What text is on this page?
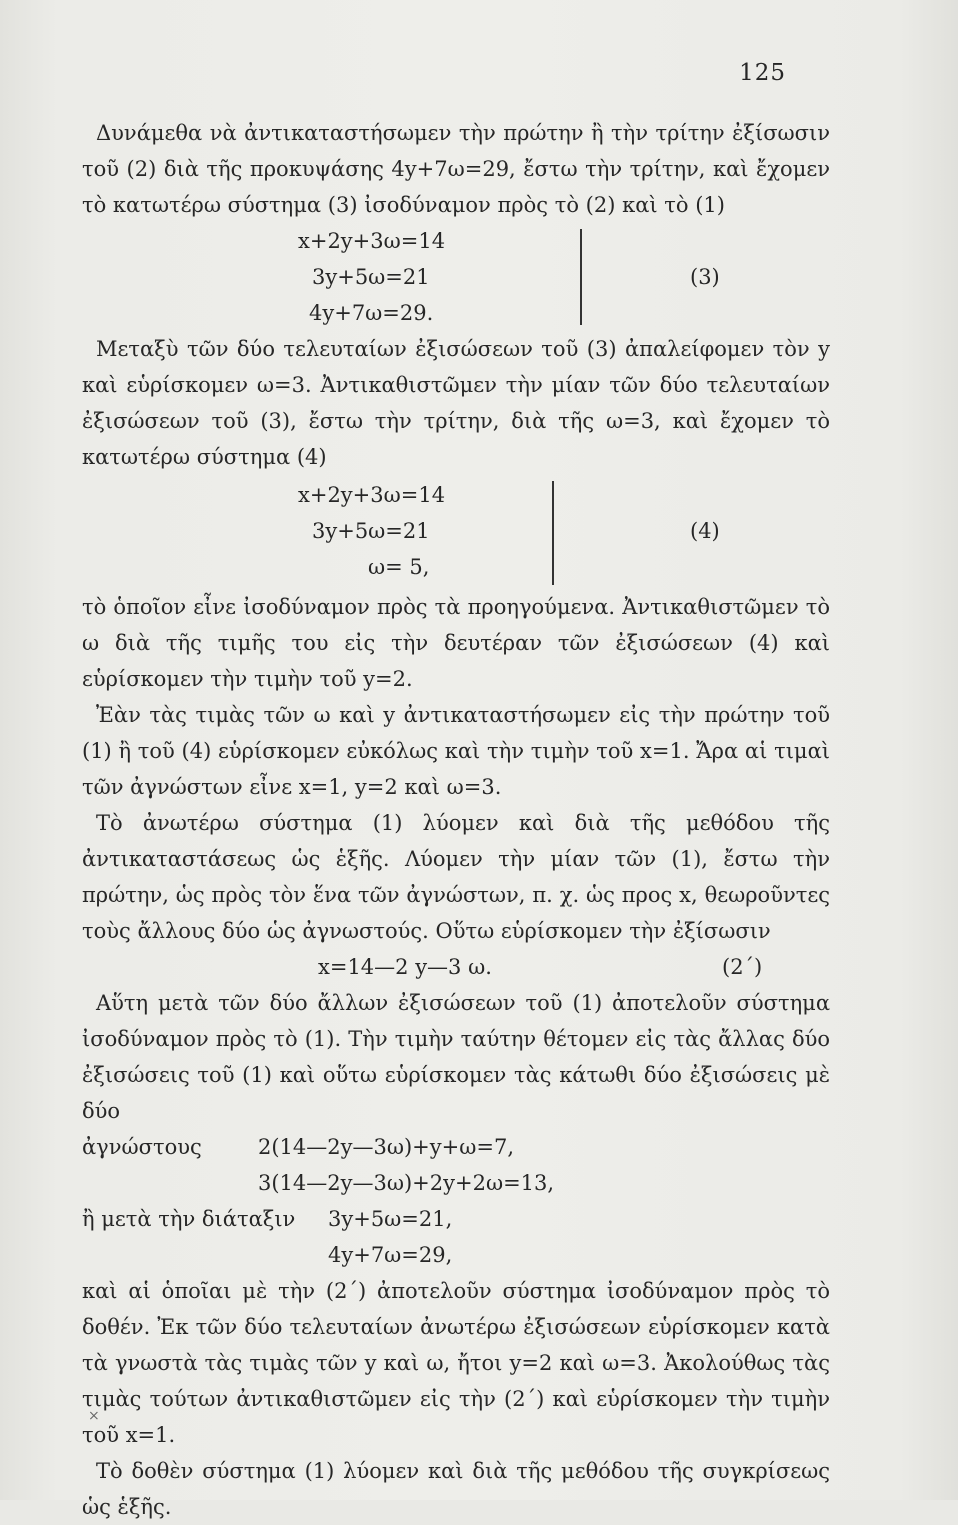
125

Δυνάμεθα νὰ ἀντικαταστήσωμεν τὴν πρώτην ἢ τὴν τρίτην ἐξίσωσιν τοῦ (2) διὰ τῆς προκυψάσης 4y+7ω=29, ἔστω τὴν τρίτην, καὶ ἔχομεν τὸ κατωτέρω σύστημα (3) ἰσοδύναμον πρὸς τὸ (2) καὶ τὸ (1)

x+2y+3ω=14
3y+5ω=21
4y+7ω=29.
(3)

Μεταξὺ τῶν δύο τελευταίων ἐξισώσεων τοῦ (3) ἀπαλείφομεν τὸν y καὶ εὑρίσκομεν ω=3. Ἀντικαθιστῶμεν τὴν μίαν τῶν δύο τελευταίων ἐξισώσεων τοῦ (3), ἔστω τὴν τρίτην, διὰ τῆς ω=3, καὶ ἔχομεν τὸ κατωτέρω σύστημα (4)

x+2y+3ω=14
3y+5ω=21
ω= 5,
(4)

τὸ ὁποῖον εἶνε ἰσοδύναμον πρὸς τὰ προηγούμενα. Ἀντικαθιστῶμεν τὸ ω διὰ τῆς τιμῆς του εἰς τὴν δευτέραν τῶν ἐξισώσεων (4) καὶ εὑρίσκομεν τὴν τιμὴν τοῦ y=2.

Ἐὰν τὰς τιμὰς τῶν ω καὶ y ἀντικαταστήσωμεν εἰς τὴν πρώτην τοῦ (1) ἢ τοῦ (4) εὑρίσκομεν εὐκόλως καὶ τὴν τιμὴν τοῦ x=1. Ἄρα αἱ τιμαὶ τῶν ἀγνώστων εἶνε x=1, y=2 καὶ ω=3.

Τὸ ἀνωτέρω σύστημα (1) λύομεν καὶ διὰ τῆς μεθόδου τῆς ἀντικαταστάσεως ὡς ἑξῆς. Λύομεν τὴν μίαν τῶν (1), ἔστω τὴν πρώτην, ὡς πρὸς τὸν ἕνα τῶν ἀγνώστων, π. χ. ὡς προς x, θεωροῦντες τοὺς ἄλλους δύο ὡς ἀγνωστούς. Οὕτω εὑρίσκομεν τὴν ἐξίσωσιν

x=14—2 y—3 ω.	(2΄)

Αὕτη μετὰ τῶν δύο ἄλλων ἐξισώσεων τοῦ (1) ἀποτελοῦν σύστημα ἰσοδύναμον πρὸς τὸ (1). Τὴν τιμὴν ταύτην θέτομεν εἰς τὰς ἄλλας δύο ἐξισώσεις τοῦ (1) καὶ οὕτω εὑρίσκομεν τὰς κάτωθι δύο ἐξισώσεις μὲ δύο

ἀγνώστους	2(14—2y—3ω)+y+ω=7,
3(14—2y—3ω)+2y+2ω=13,
ἢ μετὰ τὴν διάταξιν 3y+5ω=21,
4y+7ω=29,

καὶ αἱ ὁποῖαι μὲ τὴν (2΄) ἀποτελοῦν σύστημα ἰσοδύναμον πρὸς τὸ δοθέν. Ἐκ τῶν δύο τελευταίων ἀνωτέρω ἐξισώσεων εὑρίσκομεν κατὰ τὰ γνωστὰ τὰς τιμὰς τῶν y καὶ ω, ἤτοι y=2 καὶ ω=3. Ἀκολούθως τὰς τιμὰς τούτων ἀντικαθιστῶμεν εἰς τὴν (2΄) καὶ εὑρίσκομεν τὴν τιμὴν τοῦ x=1.

Τὸ δοθὲν σύστημα (1) λύομεν καὶ διὰ τῆς μεθόδου τῆς συγκρίσεως ὡς ἑξῆς.

×
